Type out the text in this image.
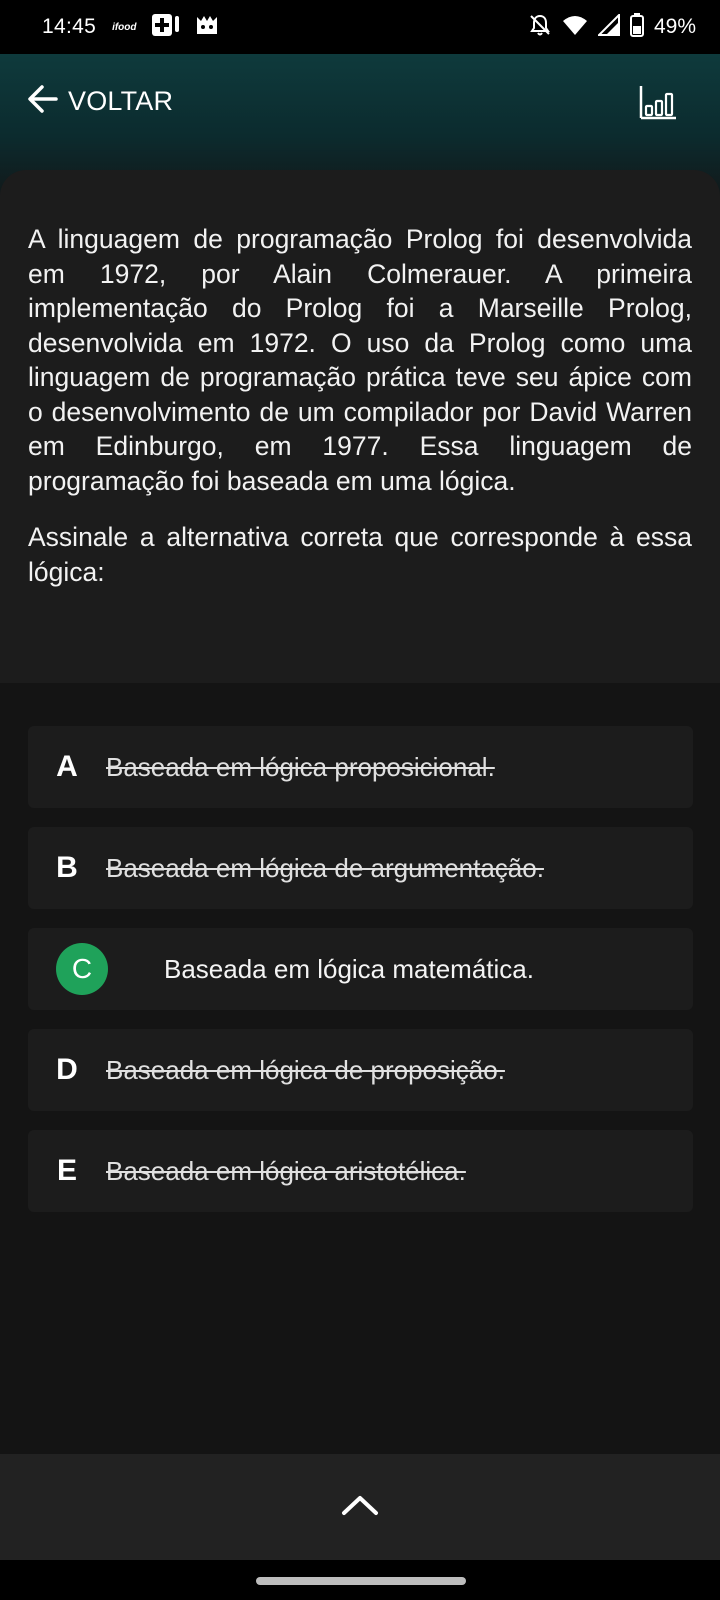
14:45 ifood	49%
VOLTAR

A linguagem de programação Prolog foi desenvolvida em 1972, por Alain Colmerauer. A primeira implementação do Prolog foi a Marseille Prolog, desenvolvida em 1972. O uso da Prolog como uma linguagem de programação prática teve seu ápice com o desenvolvimento de um compilador por David Warren em Edinburgo, em 1977. Essa linguagem de programação foi baseada em uma lógica.

Assinale a alternativa correta que corresponde à essa lógica:

A	Baseada em lógica proposicional.
B	Baseada em lógica de argumentação.
C	Baseada em lógica matemática.
D	Baseada em lógica de proposição.
E	Baseada em lógica aristotélica.
